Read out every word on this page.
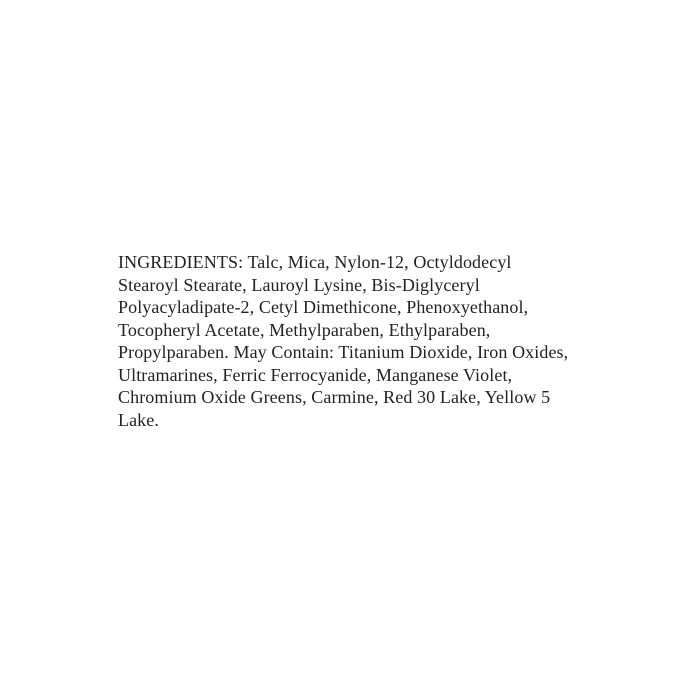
INGREDIENTS: Talc, Mica, Nylon-12, Octyldodecyl
Stearoyl Stearate, Lauroyl Lysine, Bis-Diglyceryl
Polyacyladipate-2, Cetyl Dimethicone, Phenoxyethanol,
Tocopheryl Acetate, Methylparaben, Ethylparaben,
Propylparaben. May Contain: Titanium Dioxide, Iron Oxides,
Ultramarines, Ferric Ferrocyanide, Manganese Violet,
Chromium Oxide Greens, Carmine, Red 30 Lake, Yellow 5
Lake.
